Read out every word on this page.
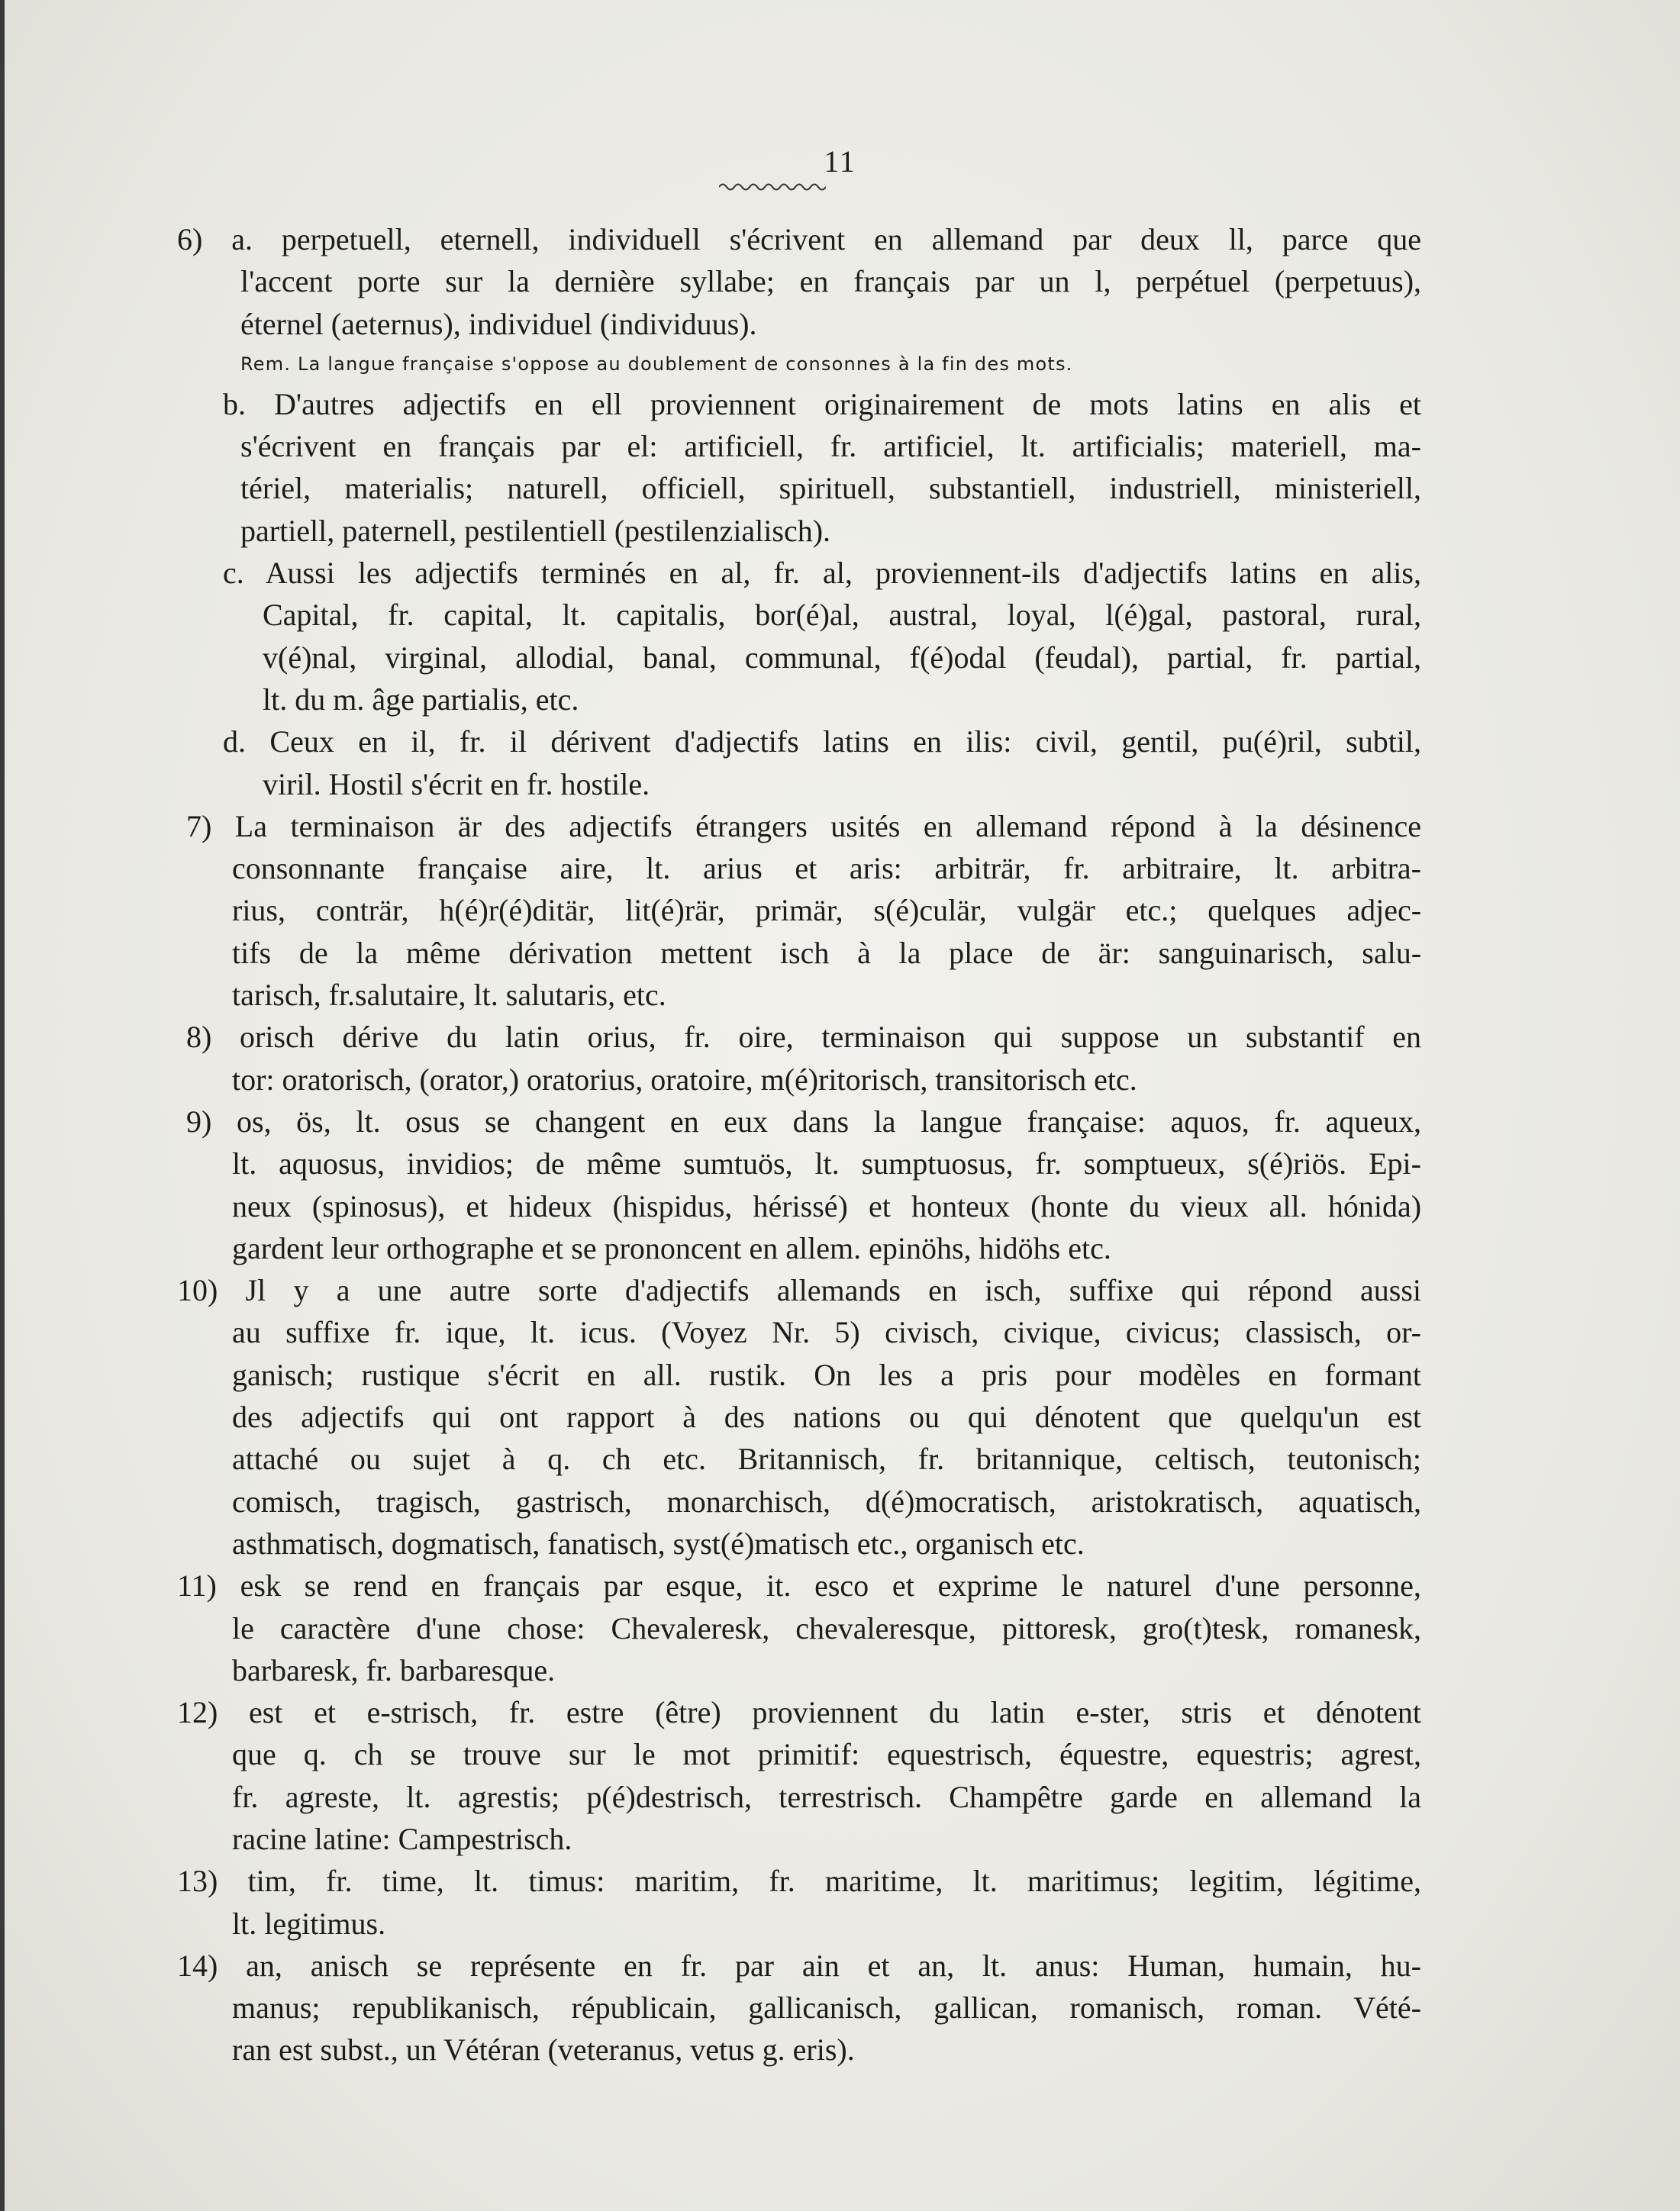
11
6) a. perpetuell, eternell, individuell s'écrivent en allemand par deux ll, parce que
l'accent porte sur la dernière syllabe; en français par un l, perpétuel (perpetuus),
éternel (aeternus), individuel (individuus).
Rem. La langue française s'oppose au doublement de consonnes à la fin des mots.
b. D'autres adjectifs en ell proviennent originairement de mots latins en alis et
s'écrivent en français par el: artificiell, fr. artificiel, lt. artificialis; materiell, ma-
tériel, materialis; naturell, officiell, spirituell, substantiell, industriell, ministeriell,
partiell, paternell, pestilentiell (pestilenzialisch).
c. Aussi les adjectifs terminés en al, fr. al, proviennent-ils d'adjectifs latins en alis,
Capital, fr. capital, lt. capitalis, bor(é)al, austral, loyal, l(é)gal, pastoral, rural,
v(é)nal, virginal, allodial, banal, communal, f(é)odal (feudal), partial, fr. partial,
lt. du m. âge partialis, etc.
d. Ceux en il, fr. il dérivent d'adjectifs latins en ilis: civil, gentil, pu(é)ril, subtil,
viril. Hostil s'écrit en fr. hostile.
7) La terminaison är des adjectifs étrangers usités en allemand répond à la désinence
consonnante française aire, lt. arius et aris: arbiträr, fr. arbitraire, lt. arbitra-
rius, conträr, h(é)r(é)ditär, lit(é)rär, primär, s(é)culär, vulgär etc.; quelques adjec-
tifs de la même dérivation mettent isch à la place de är: sanguinarisch, salu-
tarisch, fr.salutaire, lt. salutaris, etc.
8) orisch dérive du latin orius, fr. oire, terminaison qui suppose un substantif en
tor: oratorisch, (orator,) oratorius, oratoire, m(é)ritorisch, transitorisch etc.
9) os, ös, lt. osus se changent en eux dans la langue française: aquos, fr. aqueux,
lt. aquosus, invidios; de même sumtuös, lt. sumptuosus, fr. somptueux, s(é)riös. Epi-
neux (spinosus), et hideux (hispidus, hérissé) et honteux (honte du vieux all. hónida)
gardent leur orthographe et se prononcent en allem. epinöhs, hidöhs etc.
10) Jl y a une autre sorte d'adjectifs allemands en isch, suffixe qui répond aussi
au suffixe fr. ique, lt. icus. (Voyez Nr. 5) civisch, civique, civicus; classisch, or-
ganisch; rustique s'écrit en all. rustik. On les a pris pour modèles en formant
des adjectifs qui ont rapport à des nations ou qui dénotent que quelqu'un est
attaché ou sujet à q. ch etc. Britannisch, fr. britannique, celtisch, teutonisch;
comisch, tragisch, gastrisch, monarchisch, d(é)mocratisch, aristokratisch, aquatisch,
asthmatisch, dogmatisch, fanatisch, syst(é)matisch etc., organisch etc.
11) esk se rend en français par esque, it. esco et exprime le naturel d'une personne,
le caractère d'une chose: Chevaleresk, chevaleresque, pittoresk, gro(t)tesk, romanesk,
barbaresk, fr. barbaresque.
12) est et e-strisch, fr. estre (être) proviennent du latin e-ster, stris et dénotent
que q. ch se trouve sur le mot primitif: equestrisch, équestre, equestris; agrest,
fr. agreste, lt. agrestis; p(é)destrisch, terrestrisch. Champêtre garde en allemand la
racine latine: Campestrisch.
13) tim, fr. time, lt. timus: maritim, fr. maritime, lt. maritimus; legitim, légitime,
lt. legitimus.
14) an, anisch se représente en fr. par ain et an, lt. anus: Human, humain, hu-
manus; republikanisch, républicain, gallicanisch, gallican, romanisch, roman. Vété-
ran est subst., un Vétéran (veteranus, vetus g. eris).
